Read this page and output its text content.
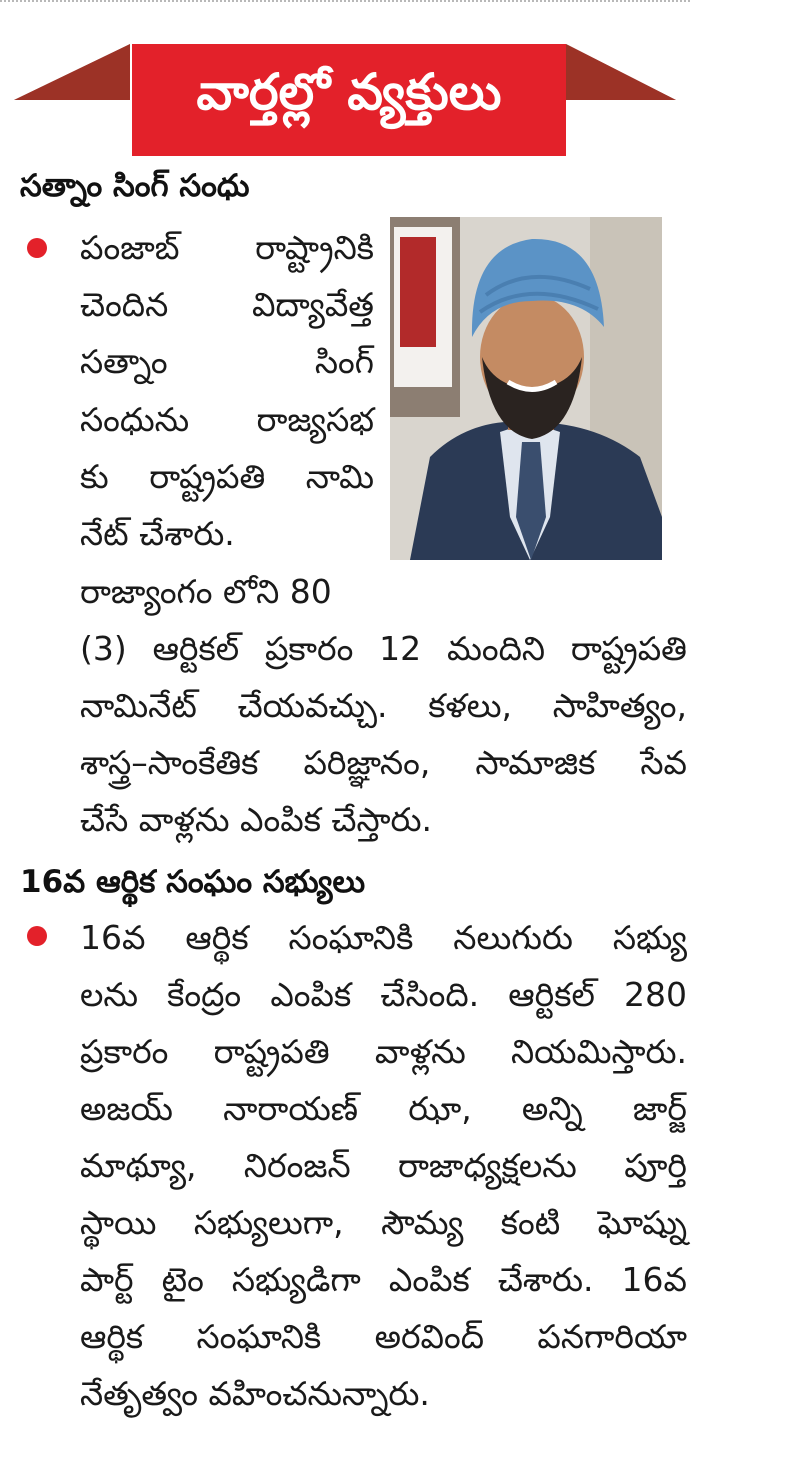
వార్తల్లో వ్యక్తులు
సత్నాం సింగ్ సంధు
పంజాబ్ రాష్ట్రానికి
చెందిన విద్యావేత్త
సత్నాం సింగ్
సంధును రాజ్యసభ
కు రాష్ట్రపతి నామి
నేట్ చేశారు.
రాజ్యాంగం లోని 80
(3) ఆర్టికల్ ప్రకారం 12 మందిని రాష్ట్రపతి
నామినేట్ చేయవచ్చు. కళలు, సాహిత్యం,
శాస్త్ర–సాంకేతిక పరిజ్ఞానం, సామాజిక సేవ
చేసే వాళ్లను ఎంపిక చేస్తారు.
16వ ఆర్థిక సంఘం సభ్యులు
16వ ఆర్థిక సంఘానికి నలుగురు సభ్యు
లను కేంద్రం ఎంపిక చేసింది. ఆర్టికల్ 280
ప్రకారం రాష్ట్రపతి వాళ్లను నియమిస్తారు.
అజయ్ నారాయణ్ ఝా, అన్ని జార్జ్
మాథ్యూ, నిరంజన్ రాజాధ్యక్షలను పూర్తి
స్థాయి సభ్యులుగా, సౌమ్య కంటి ఘోష్ను
పార్ట్ టైం సభ్యుడిగా ఎంపిక చేశారు. 16వ
ఆర్థిక సంఘానికి అరవింద్ పనగారియా
నేతృత్వం వహించనున్నారు.
